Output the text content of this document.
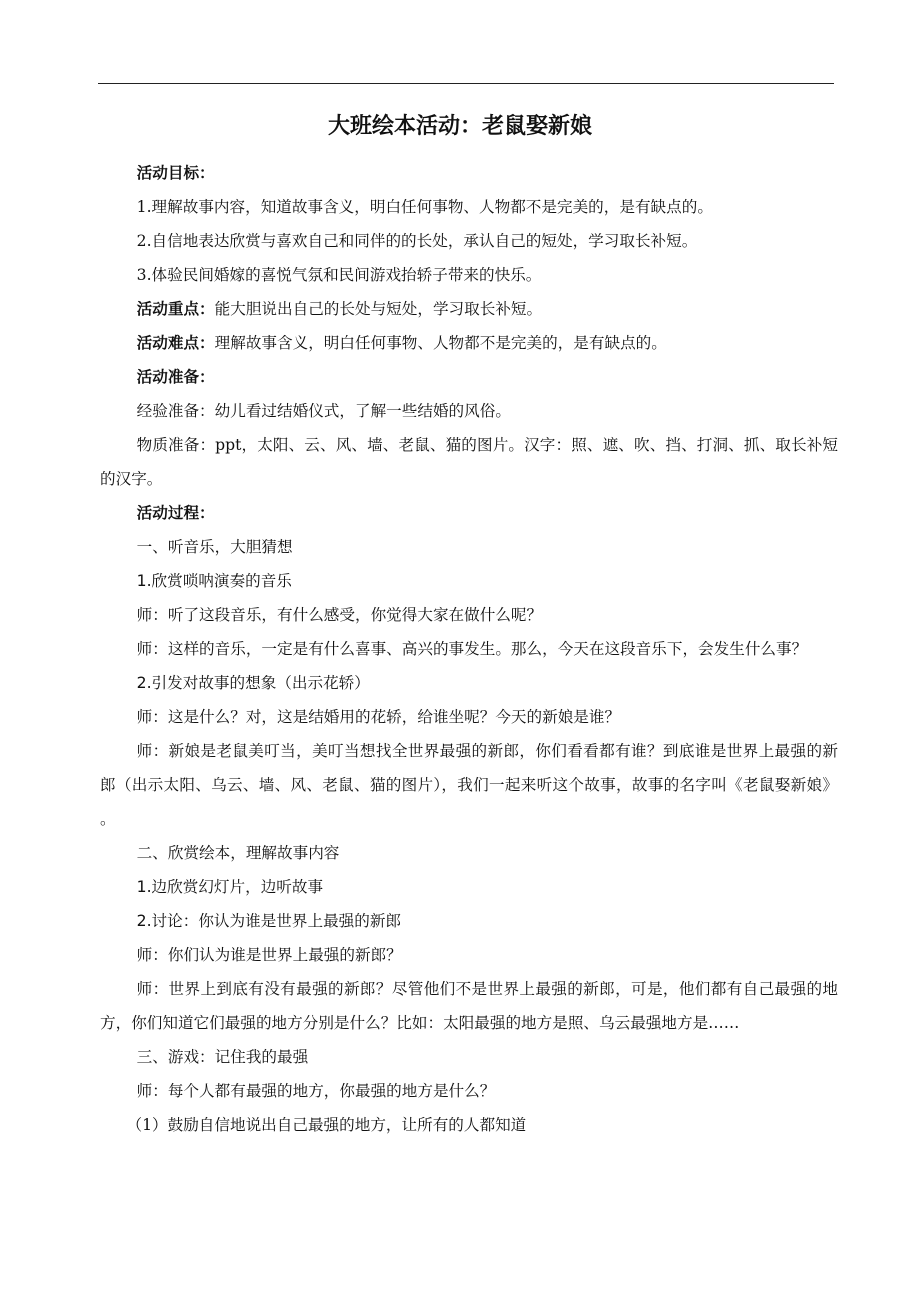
大班绘本活动：老鼠娶新娘

活动目标：

1.理解故事内容，知道故事含义，明白任何事物、人物都不是完美的，是有缺点的。

2.自信地表达欣赏与喜欢自己和同伴的的长处，承认自己的短处，学习取长补短。

3.体验民间婚嫁的喜悦气氛和民间游戏抬轿子带来的快乐。

活动重点：能大胆说出自己的长处与短处，学习取长补短。

活动难点：理解故事含义，明白任何事物、人物都不是完美的，是有缺点的。

活动准备：

经验准备：幼儿看过结婚仪式，了解一些结婚的风俗。

物质准备：ppt，太阳、云、风、墙、老鼠、猫的图片。汉字：照、遮、吹、挡、打洞、抓、取长补短的汉字。

活动过程：

一、听音乐，大胆猜想

1.欣赏唢呐演奏的音乐

师：听了这段音乐，有什么感受，你觉得大家在做什么呢？

师：这样的音乐，一定是有什么喜事、高兴的事发生。那么，今天在这段音乐下，会发生什么事？

2.引发对故事的想象（出示花轿）

师：这是什么？对，这是结婚用的花轿，给谁坐呢？今天的新娘是谁？

师：新娘是老鼠美叮当，美叮当想找全世界最强的新郎，你们看看都有谁？到底谁是世界上最强的新郎（出示太阳、乌云、墙、风、老鼠、猫的图片），我们一起来听这个故事，故事的名字叫《老鼠娶新娘》 。

二、欣赏绘本，理解故事内容

1.边欣赏幻灯片，边听故事

2.讨论：你认为谁是世界上最强的新郎

师：你们认为谁是世界上最强的新郎？

师：世界上到底有没有最强的新郎？尽管他们不是世界上最强的新郎，可是，他们都有自己最强的地方，你们知道它们最强的地方分别是什么？比如：太阳最强的地方是照、乌云最强地方是……

三、游戏：记住我的最强

师：每个人都有最强的地方，你最强的地方是什么？

（1）鼓励自信地说出自己最强的地方，让所有的人都知道
